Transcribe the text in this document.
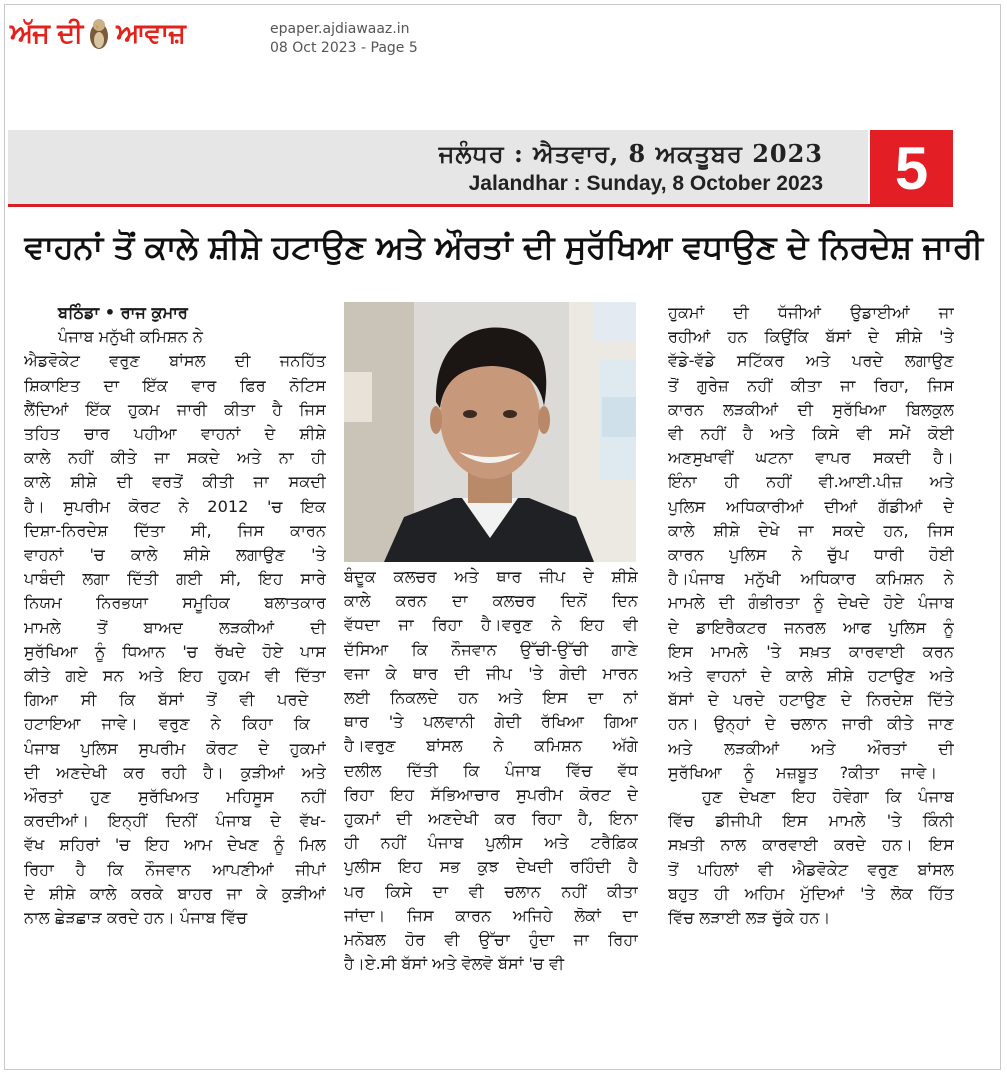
ਅੱਜ ਦੀ ਆਵਾਜ਼	epaper.ajdiawaaz.in
08 Oct 2023 - Page 5
ਜਲੰਧਰ : ਐਤਵਾਰ, 8 ਅਕਤੂਬਰ 2023
Jalandhar : Sunday, 8 October 2023 5
ਵਾਹਨਾਂ ਤੋਂ ਕਾਲੇ ਸ਼ੀਸ਼ੇ ਹਟਾਉਣ ਅਤੇ ਔਰਤਾਂ ਦੀ ਸੁਰੱਖਿਆ ਵਧਾਉਣ ਦੇ ਨਿਰਦੇਸ਼ ਜਾਰੀ
ਬਠਿੰਡਾ • ਰਾਜ ਕੁਮਾਰ
ਪੰਜਾਬ ਮਨੁੱਖੀ ਕਮਿਸ਼ਨ ਨੇ
ਐਡਵੋਕੇਟ ਵਰੁਣ ਬਾਂਸਲ ਦੀ ਜਨਹਿੱਤ
ਸ਼ਿਕਾਇਤ ਦਾ ਇੱਕ ਵਾਰ ਫਿਰ ਨੋਟਿਸ
ਲੈਂਦਿਆਂ ਇੱਕ ਹੁਕਮ ਜਾਰੀ ਕੀਤਾ ਹੈ ਜਿਸ
ਤਹਿਤ ਚਾਰ ਪਹੀਆ ਵਾਹਨਾਂ ਦੇ ਸ਼ੀਸ਼ੇ
ਕਾਲੇ ਨਹੀਂ ਕੀਤੇ ਜਾ ਸਕਦੇ ਅਤੇ ਨਾ ਹੀ
ਕਾਲੇ ਸ਼ੀਸ਼ੇ ਦੀ ਵਰਤੋਂ ਕੀਤੀ ਜਾ ਸਕਦੀ
ਹੈ। ਸੁਪਰੀਮ ਕੋਰਟ ਨੇ 2012 'ਚ ਇਕ
ਦਿਸ਼ਾ-ਨਿਰਦੇਸ਼ ਦਿੱਤਾ ਸੀ, ਜਿਸ ਕਾਰਨ
ਵਾਹਨਾਂ 'ਚ ਕਾਲੇ ਸ਼ੀਸ਼ੇ ਲਗਾਉਣ 'ਤੇ
ਪਾਬੰਦੀ ਲਗਾ ਦਿੱਤੀ ਗਈ ਸੀ, ਇਹ ਸਾਰੇ
ਨਿਯਮ ਨਿਰਭਯਾ ਸਮੂਹਿਕ ਬਲਾਤਕਾਰ
ਮਾਮਲੇ ਤੋਂ ਬਾਅਦ ਲੜਕੀਆਂ ਦੀ
ਸੁਰੱਖਿਆ ਨੂੰ ਧਿਆਨ 'ਚ ਰੱਖਦੇ ਹੋਏ ਪਾਸ
ਕੀਤੇ ਗਏ ਸਨ ਅਤੇ ਇਹ ਹੁਕਮ ਵੀ ਦਿੱਤਾ
ਗਿਆ ਸੀ ਕਿ ਬੱਸਾਂ ਤੋਂ ਵੀ ਪਰਦੇ
ਹਟਾਇਆ ਜਾਵੇ। ਵਰੁਣ ਨੇ ਕਿਹਾ ਕਿ
ਪੰਜਾਬ ਪੁਲਿਸ ਸੁਪਰੀਮ ਕੋਰਟ ਦੇ ਹੁਕਮਾਂ
ਦੀ ਅਣਦੇਖੀ ਕਰ ਰਹੀ ਹੈ। ਕੁੜੀਆਂ ਅਤੇ
ਔਰਤਾਂ ਹੁਣ ਸੁਰੱਖਿਅਤ ਮਹਿਸੂਸ ਨਹੀਂ
ਕਰਦੀਆਂ। ਇਨ੍ਹੀਂ ਦਿਨੀਂ ਪੰਜਾਬ ਦੇ ਵੱਖ-
ਵੱਖ ਸ਼ਹਿਰਾਂ 'ਚ ਇਹ ਆਮ ਦੇਖਣ ਨੂੰ ਮਿਲ
ਰਿਹਾ ਹੈ ਕਿ ਨੌਜਵਾਨ ਆਪਣੀਆਂ ਜੀਪਾਂ
ਦੇ ਸ਼ੀਸ਼ੇ ਕਾਲੇ ਕਰਕੇ ਬਾਹਰ ਜਾ ਕੇ ਕੁੜੀਆਂ
ਨਾਲ ਛੇੜਛਾੜ ਕਰਦੇ ਹਨ। ਪੰਜਾਬ ਵਿੱਚ
ਬੰਦੂਕ ਕਲਚਰ ਅਤੇ ਥਾਰ ਜੀਪ ਦੇ ਸ਼ੀਸ਼ੇ
ਕਾਲੇ ਕਰਨ ਦਾ ਕਲਚਰ ਦਿਨੋਂ ਦਿਨ
ਵੱਧਦਾ ਜਾ ਰਿਹਾ ਹੈ।ਵਰੁਣ ਨੇ ਇਹ ਵੀ
ਦੱਸਿਆ ਕਿ ਨੌਜਵਾਨ ਉੱਚੀ-ਉੱਚੀ ਗਾਣੇ
ਵਜਾ ਕੇ ਥਾਰ ਦੀ ਜੀਪ 'ਤੇ ਗੇਦੀ ਮਾਰਨ
ਲਈ ਨਿਕਲਦੇ ਹਨ ਅਤੇ ਇਸ ਦਾ ਨਾਂ
ਥਾਰ 'ਤੇ ਪਲਵਾਨੀ ਗੇਦੀ ਰੱਖਿਆ ਗਿਆ
ਹੈ।ਵਰੁਣ ਬਾਂਸਲ ਨੇ ਕਮਿਸ਼ਨ ਅੱਗੇ
ਦਲੀਲ ਦਿੱਤੀ ਕਿ ਪੰਜਾਬ ਵਿੱਚ ਵੱਧ
ਰਿਹਾ ਇਹ ਸੱਭਿਆਚਾਰ ਸੁਪਰੀਮ ਕੋਰਟ ਦੇ
ਹੁਕਮਾਂ ਦੀ ਅਣਦੇਖੀ ਕਰ ਰਿਹਾ ਹੈ, ਇਨਾ
ਹੀ ਨਹੀਂ ਪੰਜਾਬ ਪੁਲੀਸ ਅਤੇ ਟਰੈਫ਼ਿਕ
ਪੁਲੀਸ ਇਹ ਸਭ ਕੁਝ ਦੇਖਦੀ ਰਹਿੰਦੀ ਹੈ
ਪਰ ਕਿਸੇ ਦਾ ਵੀ ਚਲਾਨ ਨਹੀਂ ਕੀਤਾ
ਜਾਂਦਾ। ਜਿਸ ਕਾਰਨ ਅਜਿਹੇ ਲੋਕਾਂ ਦਾ
ਮਨੋਬਲ ਹੋਰ ਵੀ ਉੱਚਾ ਹੁੰਦਾ ਜਾ ਰਿਹਾ
ਹੈ।ਏ.ਸੀ ਬੱਸਾਂ ਅਤੇ ਵੋਲਵੋ ਬੱਸਾਂ 'ਚ ਵੀ
ਹੁਕਮਾਂ ਦੀ ਧੱਜੀਆਂ ਉਡਾਈਆਂ ਜਾ
ਰਹੀਆਂ ਹਨ ਕਿਉਂਕਿ ਬੱਸਾਂ ਦੇ ਸ਼ੀਸ਼ੇ 'ਤੇ
ਵੱਡੇ-ਵੱਡੇ ਸਟਿੱਕਰ ਅਤੇ ਪਰਦੇ ਲਗਾਉਣ
ਤੋਂ ਗੁਰੇਜ਼ ਨਹੀਂ ਕੀਤਾ ਜਾ ਰਿਹਾ, ਜਿਸ
ਕਾਰਨ ਲੜਕੀਆਂ ਦੀ ਸੁਰੱਖਿਆ ਬਿਲਕੁਲ
ਵੀ ਨਹੀਂ ਹੈ ਅਤੇ ਕਿਸੇ ਵੀ ਸਮੇਂ ਕੋਈ
ਅਣਸੁਖਾਵੀਂ ਘਟਨਾ ਵਾਪਰ ਸਕਦੀ ਹੈ।
ਇੰਨਾ ਹੀ ਨਹੀਂ ਵੀ.ਆਈ.ਪੀਜ਼ ਅਤੇ
ਪੁਲਿਸ ਅਧਿਕਾਰੀਆਂ ਦੀਆਂ ਗੱਡੀਆਂ ਦੇ
ਕਾਲੇ ਸ਼ੀਸ਼ੇ ਦੇਖੇ ਜਾ ਸਕਦੇ ਹਨ, ਜਿਸ
ਕਾਰਨ ਪੁਲਿਸ ਨੇ ਚੁੱਪ ਧਾਰੀ ਹੋਈ
ਹੈ।ਪੰਜਾਬ ਮਨੁੱਖੀ ਅਧਿਕਾਰ ਕਮਿਸ਼ਨ ਨੇ
ਮਾਮਲੇ ਦੀ ਗੰਭੀਰਤਾ ਨੂੰ ਦੇਖਦੇ ਹੋਏ ਪੰਜਾਬ
ਦੇ ਡਾਇਰੈਕਟਰ ਜਨਰਲ ਆਫ ਪੁਲਿਸ ਨੂੰ
ਇਸ ਮਾਮਲੇ 'ਤੇ ਸਖ਼ਤ ਕਾਰਵਾਈ ਕਰਨ
ਅਤੇ ਵਾਹਨਾਂ ਦੇ ਕਾਲੇ ਸ਼ੀਸ਼ੇ ਹਟਾਉਣ ਅਤੇ
ਬੱਸਾਂ ਦੇ ਪਰਦੇ ਹਟਾਉਣ ਦੇ ਨਿਰਦੇਸ਼ ਦਿੱਤੇ
ਹਨ। ਉਨ੍ਹਾਂ ਦੇ ਚਲਾਨ ਜਾਰੀ ਕੀਤੇ ਜਾਣ
ਅਤੇ ਲੜਕੀਆਂ ਅਤੇ ਔਰਤਾਂ ਦੀ
ਸੁਰੱਖਿਆ ਨੂੰ ਮਜ਼ਬੂਤ ?ਕੀਤਾ ਜਾਵੇ।
ਹੁਣ ਦੇਖਣਾ ਇਹ ਹੋਵੇਗਾ ਕਿ ਪੰਜਾਬ
ਵਿੱਚ ਡੀਜੀਪੀ ਇਸ ਮਾਮਲੇ 'ਤੇ ਕਿੰਨੀ
ਸਖ਼ਤੀ ਨਾਲ ਕਾਰਵਾਈ ਕਰਦੇ ਹਨ। ਇਸ
ਤੋਂ ਪਹਿਲਾਂ ਵੀ ਐਡਵੋਕੇਟ ਵਰੁਣ ਬਾਂਸਲ
ਬਹੁਤ ਹੀ ਅਹਿਮ ਮੁੱਦਿਆਂ 'ਤੇ ਲੋਕ ਹਿੱਤ
ਵਿੱਚ ਲੜਾਈ ਲੜ ਚੁੱਕੇ ਹਨ।
